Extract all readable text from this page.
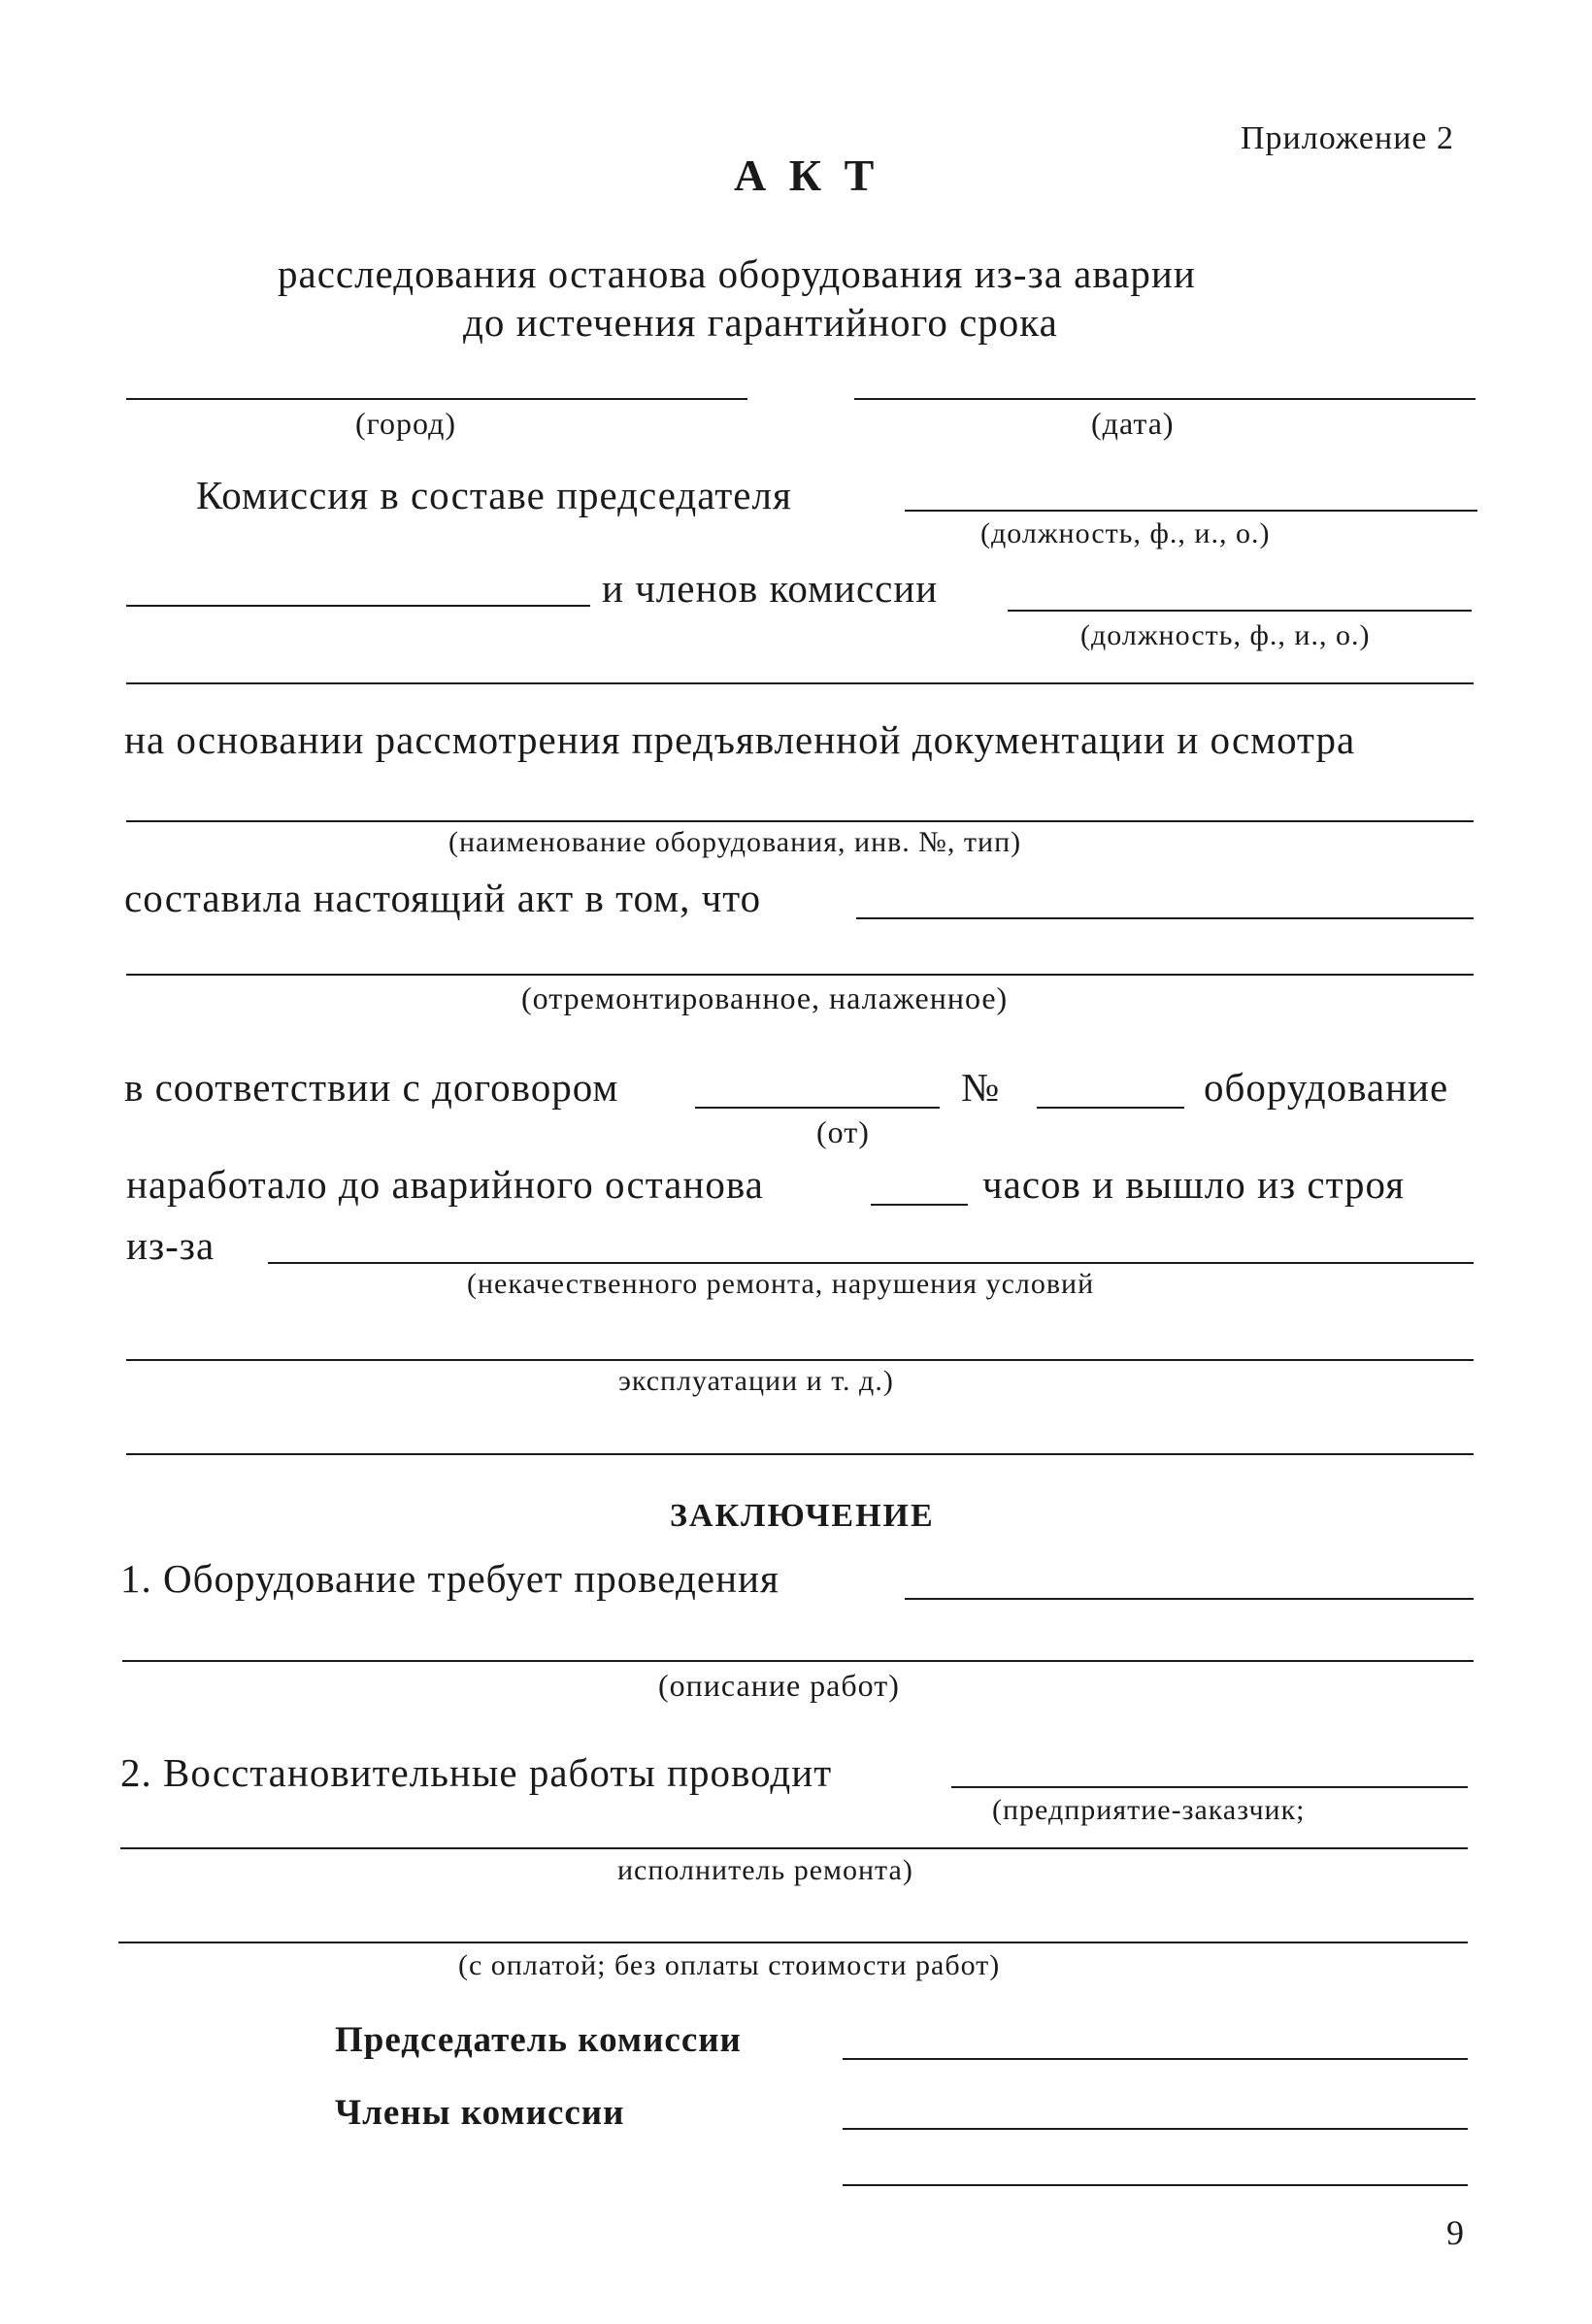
Приложение 2
А К Т
расследования останова оборудования из-за аварии
до истечения гарантийного срока
(город)	(дата)
Комиссия в составе председателя
(должность, ф., и., о.)
и членов комиссии
(должность, ф., и., о.)
на основании рассмотрения предъявленной документации и осмотра
(наименование оборудования, инв. №, тип)
составила настоящий акт в том, что
(отремонтированное, налаженное)
в соответствии с договором	№	оборудование
(от)
наработало до аварийного останова	часов и вышло из строя
из-за
(некачественного ремонта, нарушения условий
эксплуатации и т. д.)
ЗАКЛЮЧЕНИЕ
1. Оборудование требует проведения
(описание работ)
2. Восстановительные работы проводит
(предприятие-заказчик;
исполнитель ремонта)
(с оплатой; без оплаты стоимости работ)
Председатель комиссии
Члены комиссии
9
